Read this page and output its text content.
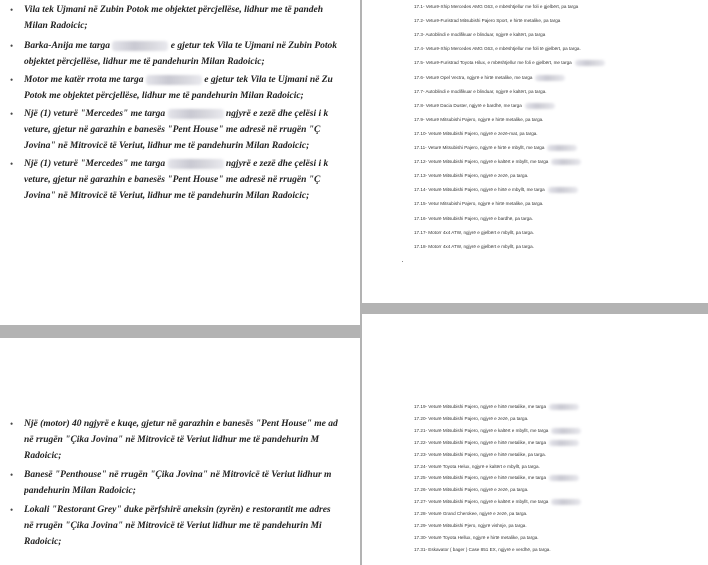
• Vila tek Ujmani në Zubin Potok me objektet përcjellëse, lidhur me të pandeh
Milan Radoicic;
• Barka-Anija me targa	e gjetur tek Vila te Ujmani në Zubin Potok
objektet përcjellëse, lidhur me të pandehurin Milan Radoicic;
• Motor me katër rrota me targa	e gjetur tek Vila te Ujmani në Zu
Potok me objektet përcjellëse, lidhur me të pandehurin Milan Radoicic;
• Një (1) veturë "Mercedes" me targa	ngjyrë e zezë dhe çelësi i k
veture, gjetur në garazhin e banesës "Pent House" me adresë në rrugën "Ç
Jovina" në Mitrovicë të Veriut, lidhur me të pandehurin Milan Radoicic;
• Një (1) veturë "Mercedes" me targa	ngjyrë e zezë dhe çelësi i k
veture, gjetur në garazhin e banesës "Pent House" me adresë në rrugën "Ç
Jovina" në Mitrovicë të Veriut, lidhur me të pandehurin Milan Radoicic;
17.1- Veturë-Xhip Mercedes AMG G63, e mbështjellur me foli e gjelbërt, pa targa
17.2- Veturë-Furistrad Mitsubishi Pajero Sport, e hirtë metalike, pa targa
17.3- Autoblindi e modifikuar e blinduar, ngjyrë e kaltërt, pa targa
17.4- Veturë-Xhip Mercedes AMG G63, e mbështjellur me foli të gjelbërt, pa targa.
17.5- Veturë-Furistrad Toyota Hilux, e mbështjellur me foli e gjelbërt, me targa
17.6- Veturë Opel Vectra, ngjyrë e hirtë metalike, me targa
17.7- Autoblindi e modifikuar e blinduar, ngjyrë e kaltërt, pa targa.
17.8- Veturë Dacia Duster, ngjyrë e bardhë, me targa
17.9- Veturë Mitsubishi Pajero, ngjyrë e hirtë metalike, pa targa.
17.10- Veturë Mitsubishi Pajero, ngjyrë e zezë-mat, pa targa.
17.11- Veturë Mitsubishi Pajero, ngjyrë e hirtë e mbyllt, me targa
17.12- Veturë Mitsubishi Pajero, ngjyrë e kaltërt e mbyllt, me targa
17.13- Veturë Mitsubishi Pajero, ngjyrë e zezë, pa targa.
17.14- Veturë Mitsubishi Pajero, ngjyrë e hirtë e mbyllt, me targa
17.15- Vetur Mitsubishi Pajero, ngjyrë e hirtë metalike, pa targa.
17.16- Veturë Mitsubishi Pajero, ngjyrë e bardhë, pa targa.
17.17- Motorr 4x4 ATW, ngjyrë e gjelbërt e mbyllt, pa targa.
17.18- Motorr 4x4 ATW, ngjyrë e gjelbërt e mbyllt, pa targa.
• Një (motor) 40 ngjyrë e kuqe, gjetur në garazhin e banesës "Pent House" me ad
në rrugën "Çika Jovina" në Mitrovicë të Veriut lidhur me të pandehurin M
Radoicic;
• Banesë "Penthouse" në rrugën "Çika Jovina" në Mitrovicë të Veriut lidhur m
pandehurin Milan Radoicic;
• Lokali "Restorant Grey" duke përfshirë aneksin (zyrën) e restorantit me adres
në rrugën "Çika Jovina" në Mitrovicë të Veriut lidhur me të pandehurin Mi
Radoicic;
17.19- Veturë Mitsubishi Pajero, ngjyrë e hirtë metalike, me targa
17.20- Veturë Mitsubishi Pajero, ngjyrë e zezë, pa targa.
17.21- Veturë Mitsubishi Pajero, ngjyrë e kaltërt e mbyllt, me targa
17.22- Veturë Mitsubishi Pajero, ngjyrë e hirtë metalike, me targa
17.23- Veturë Mitsubishi Pajero, ngjyrë e hirtë metalike, pa targa.
17.24- Veturë Toyota Helux, ngjyrë e kaltërt e mbyllt, pa targa.
17.25- Veturë Mitsubishi Pajero, ngjyrë e hirtë metalike, me targa
17.26- Veturë Mitsubishi Pajero, ngjyrë e zezë, pa targa.
17.27- Veturë Mitsubishi Pajero, ngjyrë e kaltërt e mbyllt, me targa
17.28- Veturë Grand Cherokee, ngjyrë e zezë, pa targa.
17.29- Veturë Mitsubishi Pjero, ngjyrë vishnje, pa targa.
17.30- Veturë Toyota Hellux, ngjyrë e hirtë metalike, pa targa.
17.31- Eskavator ( bager ) Case 851 EX, ngjyrë e verdhë, pa targa.
